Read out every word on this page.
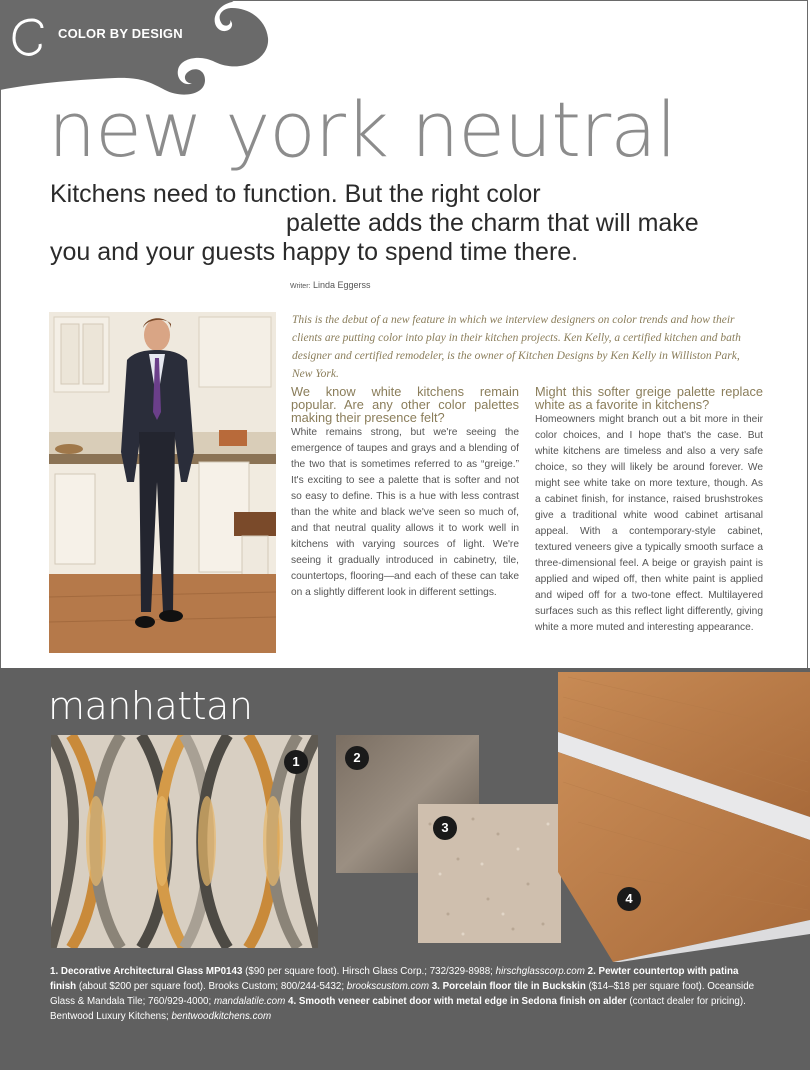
COLOR BY DESIGN
new york neutral
Kitchens need to function. But the right color
palette adds the charm that will make
you and your guests happy to spend time there.
Writer: Linda Eggerss
This is the debut of a new feature in which we interview designers on color trends and how their clients are putting color into play in their kitchen projects. Ken Kelly, a certified kitchen and bath designer and certified remodeler, is the owner of Kitchen Designs by Ken Kelly in Williston Park, New York.

We know white kitchens remain popular. Are any other color palettes making their presence felt?

White remains strong, but we're seeing the emergence of taupes and grays and a blending of the two that is sometimes referred to as “greige.” It's exciting to see a palette that is softer and not so easy to define. This is a hue with less contrast than the white and black we've seen so much of, and that neutral quality allows it to work well in kitchens with varying sources of light. We're seeing it gradually introduced in cabinetry, tile, countertops, flooring—and each of these can take on a slightly different look in different settings.

Might this softer greige palette replace white as a favorite in kitchens?

Homeowners might branch out a bit more in their color choices, and I hope that's the case. But white kitchens are timeless and also a very safe choice, so they will likely be around forever. We might see white take on more texture, though. As a cabinet finish, for instance, raised brushstrokes give a traditional white wood cabinet artisanal appeal. With a contemporary-style cabinet, textured veneers give a typically smooth surface a three-dimensional feel. A beige or grayish paint is applied and wiped off, then white paint is applied and wiped off for a two-tone effect. Multilayered surfaces such as this reflect light differently, giving white a more muted and interesting appearance.

manhattan
1	2
3
4
1. Decorative Architectural Glass MP0143 ($90 per square foot). Hirsch Glass Corp.; 732/329-8988; hirschglasscorp.com 2. Pewter countertop with patina finish (about $200 per square foot). Brooks Custom; 800/244-5432; brookscustom.com 3. Porcelain floor tile in Buckskin ($14–$18 per square foot). Oceanside Glass & Mandala Tile; 760/929-4000; mandalatile.com 4. Smooth veneer cabinet door with metal edge in Sedona finish on alder (contact dealer for pricing). Bentwood Luxury Kitchens; bentwoodkitchens.com
